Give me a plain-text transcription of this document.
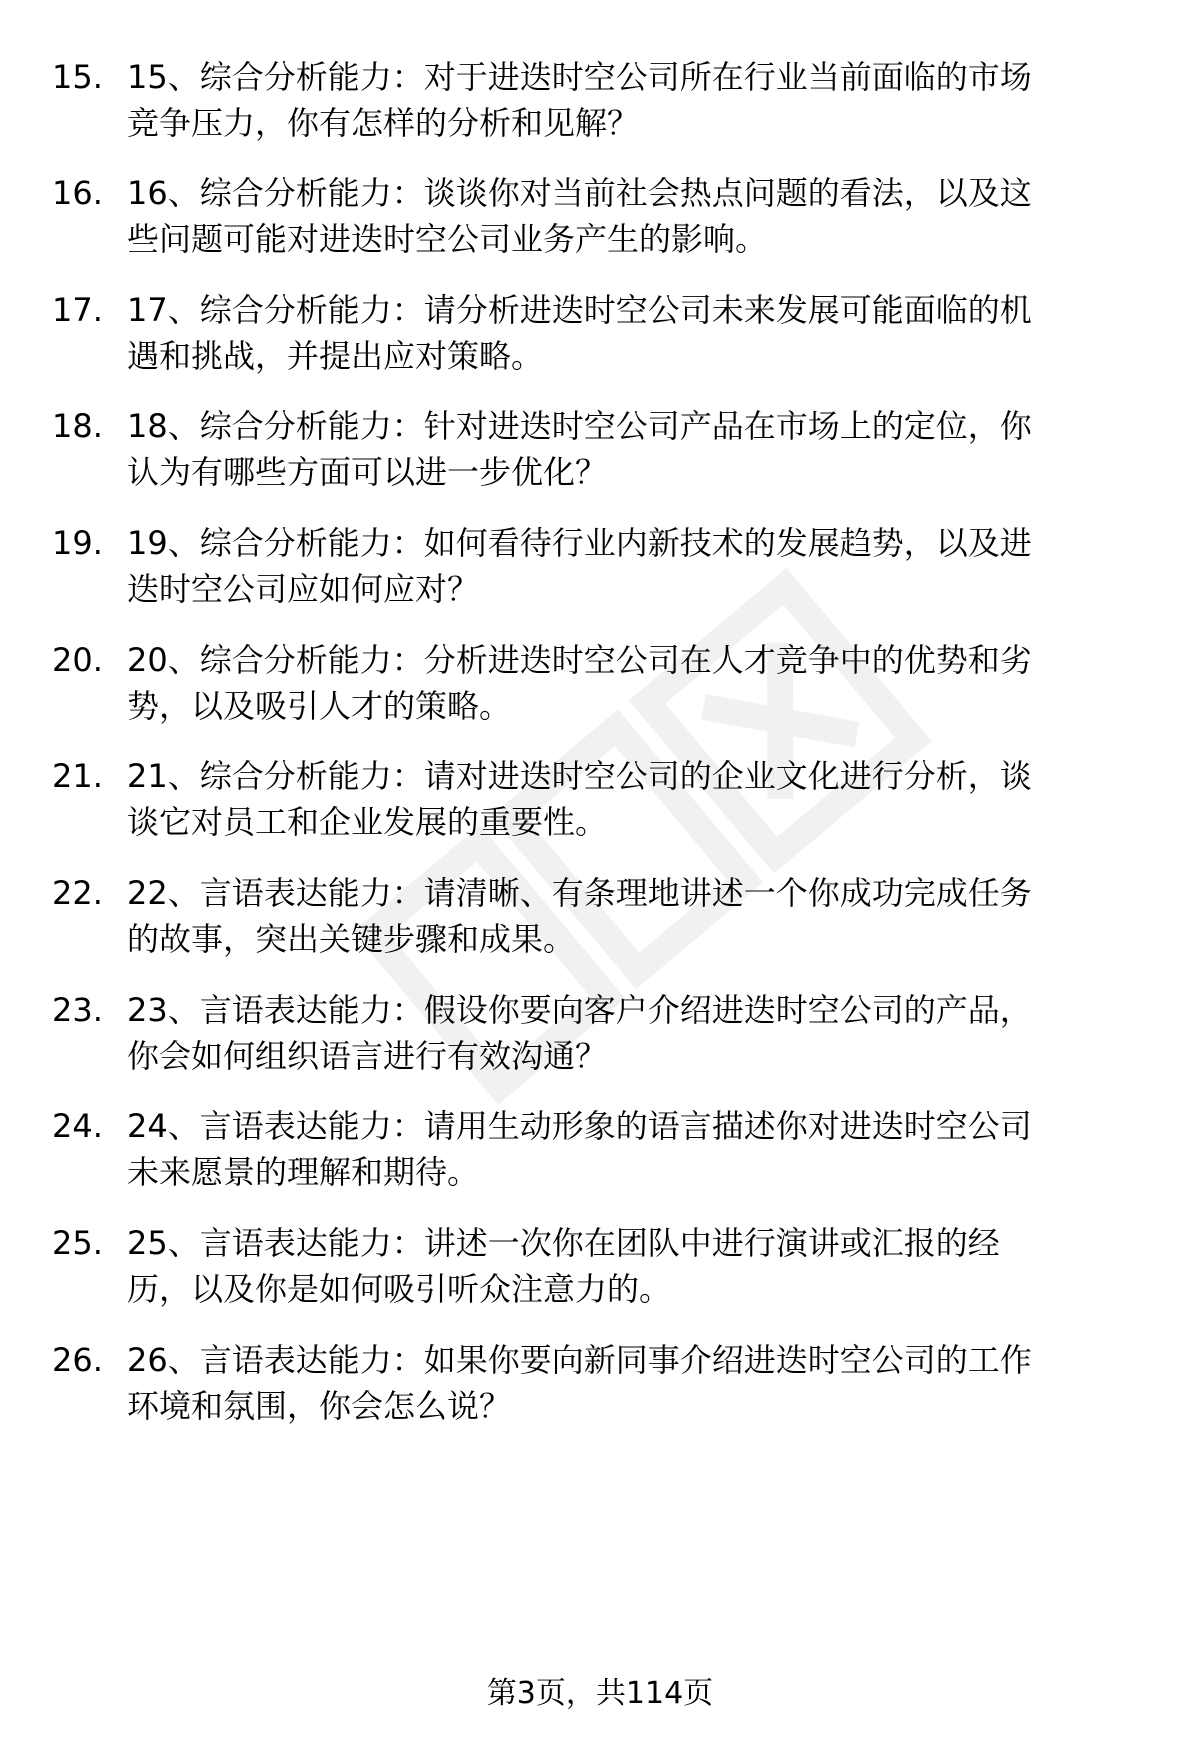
15. 15、综合分析能力：对于进迭时空公司所在行业当前面临的市场
竞争压力，你有怎样的分析和见解？
16. 16、综合分析能力：谈谈你对当前社会热点问题的看法，以及这
些问题可能对进迭时空公司业务产生的影响。
17. 17、综合分析能力：请分析进迭时空公司未来发展可能面临的机
遇和挑战，并提出应对策略。
18. 18、综合分析能力：针对进迭时空公司产品在市场上的定位，你
认为有哪些方面可以进一步优化？
19. 19、综合分析能力：如何看待行业内新技术的发展趋势，以及进
迭时空公司应如何应对？
20. 20、综合分析能力：分析进迭时空公司在人才竞争中的优势和劣
势，以及吸引人才的策略。
21. 21、综合分析能力：请对进迭时空公司的企业文化进行分析，谈
谈它对员工和企业发展的重要性。
22. 22、言语表达能力：请清晰、有条理地讲述一个你成功完成任务
的故事，突出关键步骤和成果。
23. 23、言语表达能力：假设你要向客户介绍进迭时空公司的产品，
你会如何组织语言进行有效沟通？
24. 24、言语表达能力：请用生动形象的语言描述你对进迭时空公司
未来愿景的理解和期待。
25. 25、言语表达能力：讲述一次你在团队中进行演讲或汇报的经
历，以及你是如何吸引听众注意力的。
26. 26、言语表达能力：如果你要向新同事介绍进迭时空公司的工作
环境和氛围，你会怎么说？
第3页，共114页
